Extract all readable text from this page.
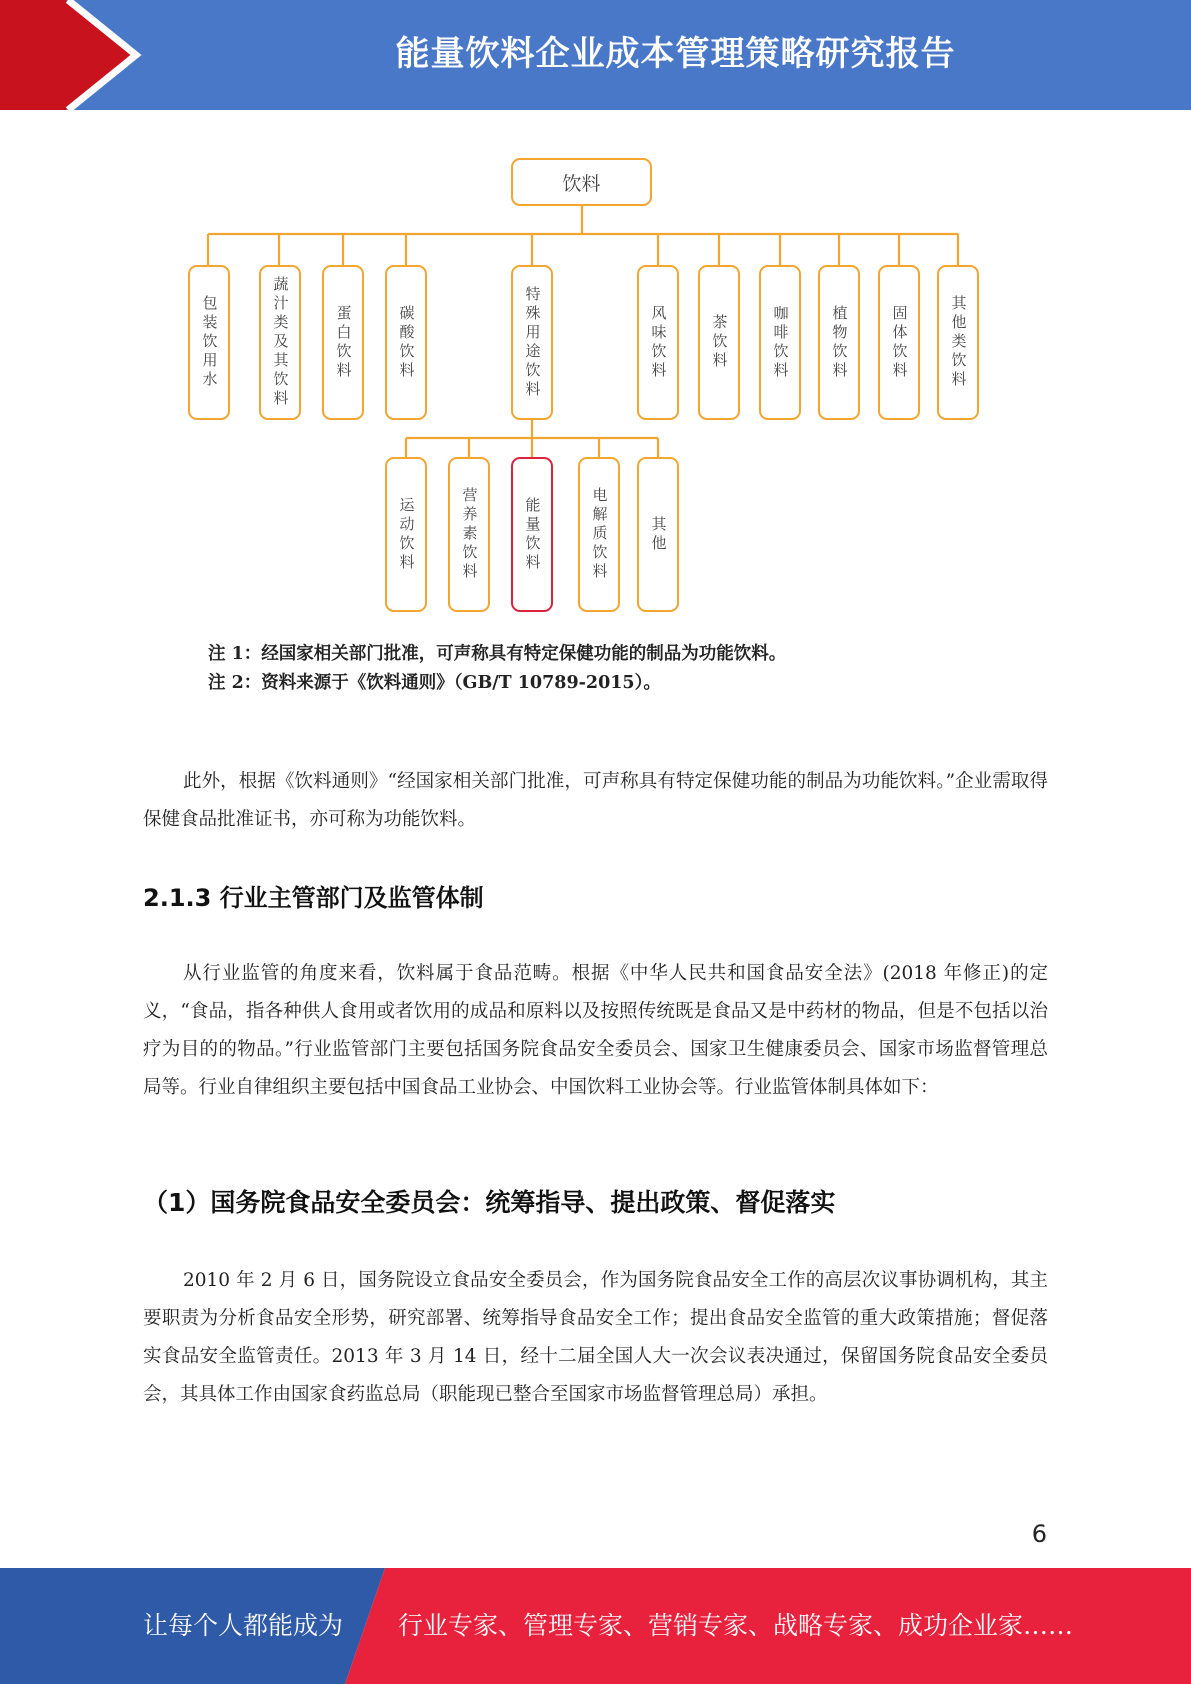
能量饮料企业成本管理策略研究报告
饮料
包装饮用水	蔬汁类及其饮料	蛋白饮料	碳酸饮料	特殊用途饮料	风味饮料	茶饮料	咖啡饮料	植物饮料	固体饮料	其他类饮料
运动饮料	营养素饮料	能量饮料	电解质饮料	其他
注 1：经国家相关部门批准，可声称具有特定保健功能的制品为功能饮料。
注 2：资料来源于《饮料通则》（GB/T 10789-2015）。
此外，根据《饮料通则》“经国家相关部门批准，可声称具有特定保健功能的制品为功能饮料。”企业需取得保健食品批准证书，亦可称为功能饮料。
2.1.3 行业主管部门及监管体制
从行业监管的角度来看，饮料属于食品范畴。根据《中华人民共和国食品安全法》(2018 年修正)的定义，“食品，指各种供人食用或者饮用的成品和原料以及按照传统既是食品又是中药材的物品，但是不包括以治疗为目的的物品。”行业监管部门主要包括国务院食品安全委员会、国家卫生健康委员会、国家市场监督管理总局等。行业自律组织主要包括中国食品工业协会、中国饮料工业协会等。行业监管体制具体如下：
（1）国务院食品安全委员会：统筹指导、提出政策、督促落实
2010 年 2 月 6 日，国务院设立食品安全委员会，作为国务院食品安全工作的高层次议事协调机构，其主要职责为分析食品安全形势，研究部署、统筹指导食品安全工作；提出食品安全监管的重大政策措施；督促落实食品安全监管责任。2013 年 3 月 14 日，经十二届全国人大一次会议表决通过，保留国务院食品安全委员会，其具体工作由国家食药监总局（职能现已整合至国家市场监督管理总局）承担。
6
让每个人都能成为 行业专家、管理专家、营销专家、战略专家、成功企业家……
